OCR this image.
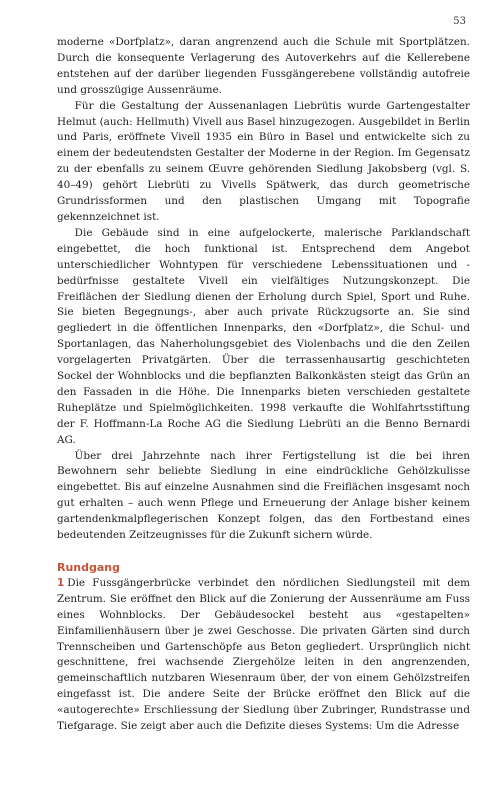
53

moderne «Dorfplatz», daran angrenzend auch die Schule mit Sportplätzen. Durch die konsequente Verlagerung des Autoverkehrs auf die Kellerebene entstehen auf der darüber liegenden Fussgängerebene vollständig autofreie und grosszügige Aussenräume.

Für die Gestaltung der Aussenanlagen Liebrütis wurde Gartengestalter Helmut (auch: Hellmuth) Vivell aus Basel hinzugezogen. Ausgebildet in Berlin und Paris, eröffnete Vivell 1935 ein Büro in Basel und entwickelte sich zu einem der bedeutendsten Gestalter der Moderne in der Region. Im Gegensatz zu der ebenfalls zu seinem Œuvre gehörenden Siedlung Jakobsberg (vgl. S. 40–49) gehört Liebrüti zu Vivells Spätwerk, das durch geometrische Grundrissformen und den plastischen Umgang mit Topografie gekennzeichnet ist.

Die Gebäude sind in eine aufgelockerte, malerische Parklandschaft eingebettet, die hoch funktional ist. Entsprechend dem Angebot unterschiedlicher Wohntypen für verschiedene Lebenssituationen und -bedürfnisse gestaltete Vivell ein vielfältiges Nutzungskonzept. Die Freiflächen der Siedlung dienen der Erholung durch Spiel, Sport und Ruhe. Sie bieten Begegnungs-, aber auch private Rückzugsorte an. Sie sind gegliedert in die öffentlichen Innenparks, den «Dorfplatz», die Schul- und Sportanlagen, das Naherholungsgebiet des Violenbachs und die den Zeilen vorgelagerten Privatgärten. Über die terrassenhausartig geschichteten Sockel der Wohnblocks und die bepflanzten Balkonkästen steigt das Grün an den Fassaden in die Höhe. Die Innenparks bieten verschieden gestaltete Ruheplätze und Spielmöglichkeiten. 1998 verkaufte die Wohlfahrtsstiftung der F. Hoffmann-La Roche AG die Siedlung Liebrüti an die Benno Bernardi AG.

Über drei Jahrzehnte nach ihrer Fertigstellung ist die bei ihren Bewohnern sehr beliebte Siedlung in eine eindrückliche Gehölzkulisse eingebettet. Bis auf einzelne Ausnahmen sind die Freiflächen insgesamt noch gut erhalten – auch wenn Pflege und Erneuerung der Anlage bisher keinem gartendenkmalpflegerischen Konzept folgen, das den Fortbestand eines bedeutenden Zeitzeugnisses für die Zukunft sichern würde.

Rundgang

1 Die Fussgängerbrücke verbindet den nördlichen Siedlungsteil mit dem Zentrum. Sie eröffnet den Blick auf die Zonierung der Aussenräume am Fuss eines Wohnblocks. Der Gebäudesockel besteht aus «gestapelten» Einfamilienhäusern über je zwei Geschosse. Die privaten Gärten sind durch Trennscheiben und Gartenschöpfe aus Beton gegliedert. Ursprünglich nicht geschnittene, frei wachsende Ziergehölze leiten in den angrenzenden, gemeinschaftlich nutzbaren Wiesenraum über, der von einem Gehölzstreifen eingefasst ist. Die andere Seite der Brücke eröffnet den Blick auf die «autogerechte» Erschliessung der Siedlung über Zubringer, Rundstrasse und Tiefgarage. Sie zeigt aber auch die Defizite dieses Systems: Um die Adresse
